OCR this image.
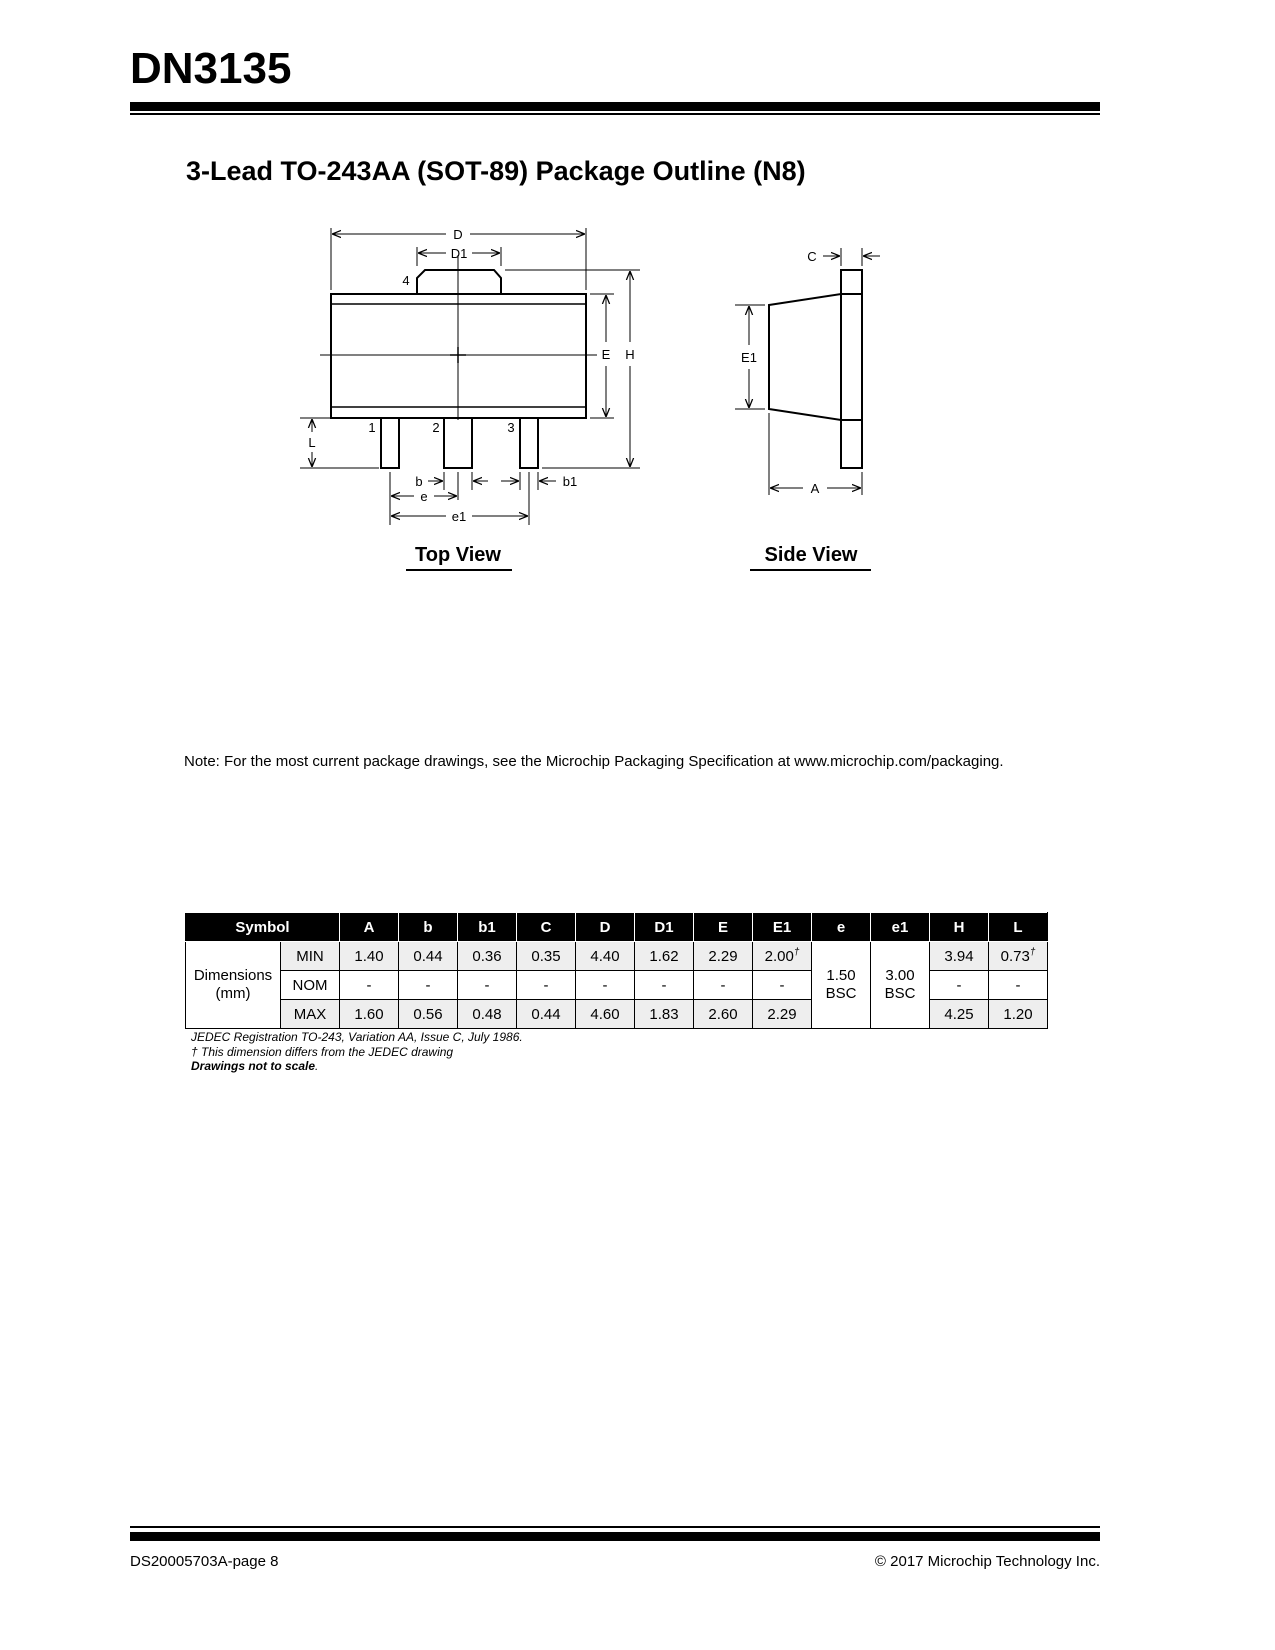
DN3135
3-Lead TO-243AA (SOT-89) Package Outline (N8)
D
D1
4
E H
L
1	2	3
b	b1
e
e1
Top View
C
E1
A
Side View
Note: For the most current package drawings, see the Microchip Packaging Specification at www.microchip.com/packaging.
Symbol		A	b	b1	C	D	D1	E	E1	e	e1	H	L
Dimensions (mm)	MIN	1.40	0.44	0.36	0.35	4.40	1.62	2.29	2.00†	1.50 BSC	3.00 BSC	3.94	0.73†
	NOM	-	-	-	-	-	-	-	-			-	-
	MAX	1.60	0.56	0.48	0.44	4.60	1.83	2.60	2.29			4.25	1.20
JEDEC Registration TO-243, Variation AA, Issue C, July 1986.
† This dimension differs from the JEDEC drawing
Drawings not to scale.
DS20005703A-page 8	© 2017 Microchip Technology Inc.
